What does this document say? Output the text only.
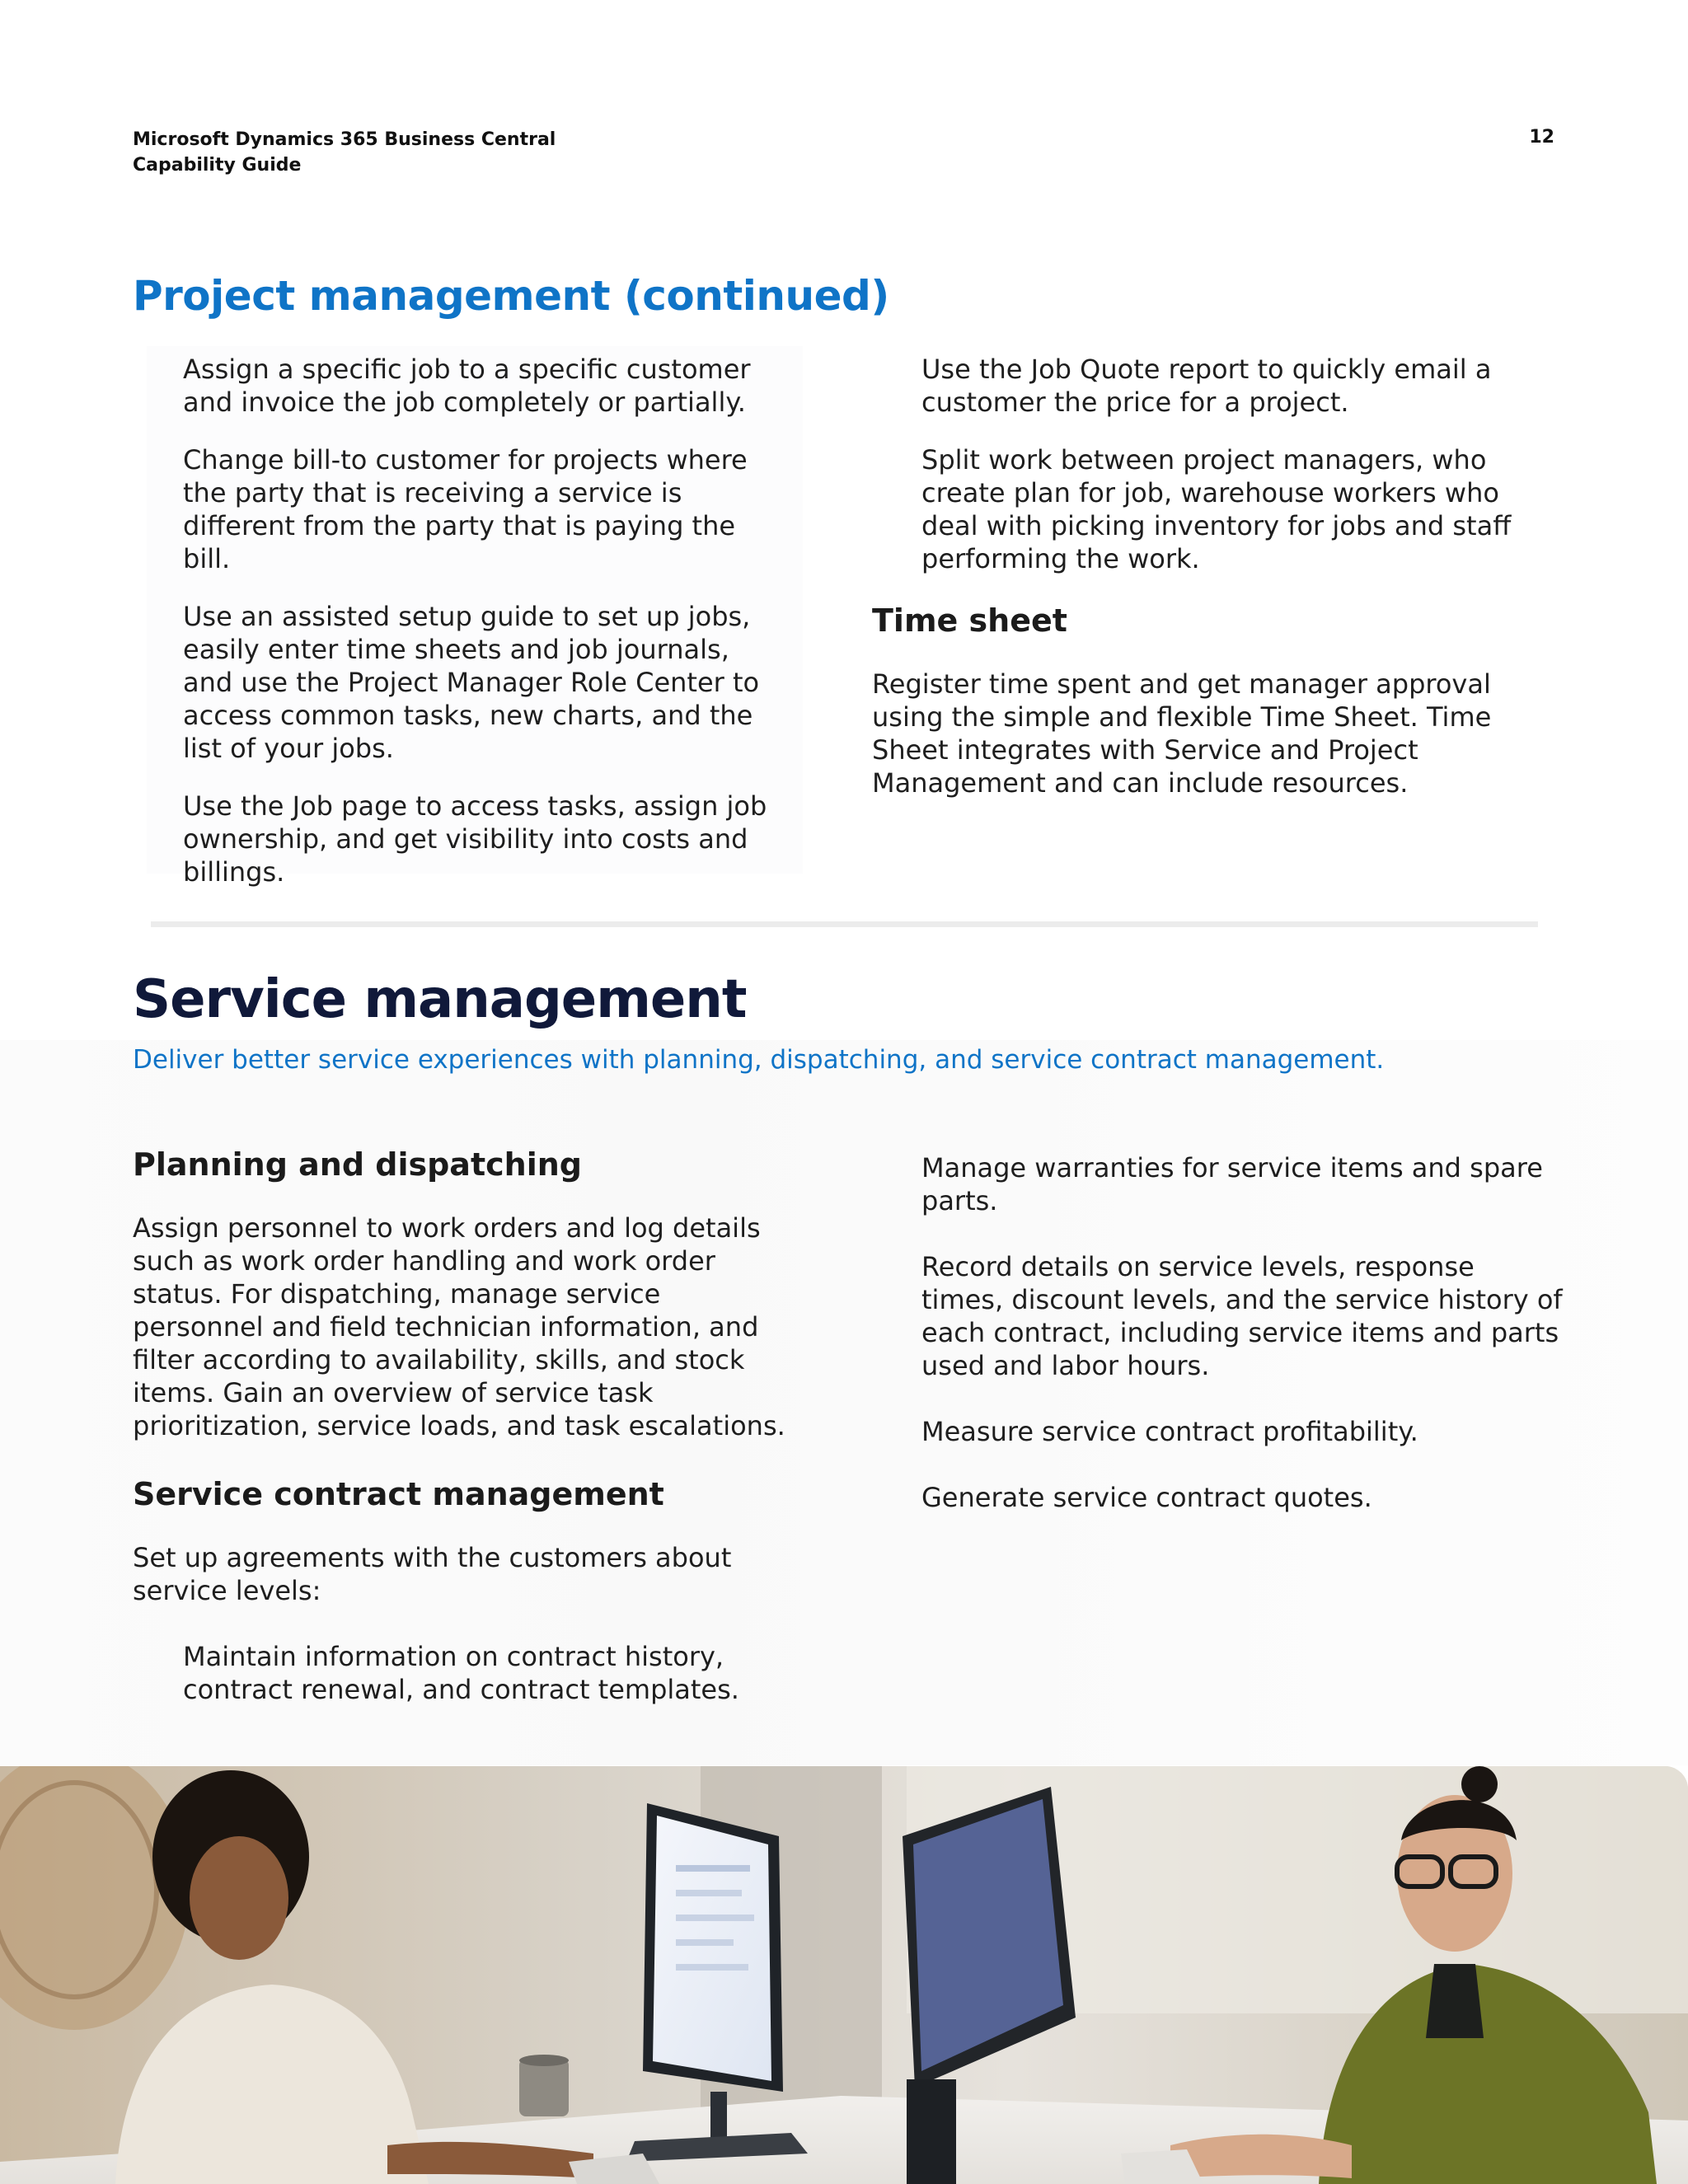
Microsoft Dynamics 365 Business Central
Capability Guide
12
Project management (continued)

Assign a specific job to a specific customer and invoice the job completely or partially.

Change bill-to customer for projects where the party that is receiving a service is different from the party that is paying the bill.

Use an assisted setup guide to set up jobs, easily enter time sheets and job journals, and use the Project Manager Role Center to access common tasks, new charts, and the list of your jobs.

Use the Job page to access tasks, assign job ownership, and get visibility into costs and billings.

Use the Job Quote report to quickly email a customer the price for a project.

Split work between project managers, who create plan for job, warehouse workers who deal with picking inventory for jobs and staff performing the work.

Time sheet

Register time spent and get manager approval using the simple and flexible Time Sheet. Time Sheet integrates with Service and Project Management and can include resources.

Service management
Deliver better service experiences with planning, dispatching, and service contract management.
Planning and dispatching

Assign personnel to work orders and log details such as work order handling and work order status. For dispatching, manage service personnel and field technician information, and filter according to availability, skills, and stock items. Gain an overview of service task prioritization, service loads, and task escalations.

Service contract management

Set up agreements with the customers about service levels:

Maintain information on contract history, contract renewal, and contract templates.

Manage warranties for service items and spare parts.

Record details on service levels, response times, discount levels, and the service history of each contract, including service items and parts used and labor hours.

Measure service contract profitability.

Generate service contract quotes.
